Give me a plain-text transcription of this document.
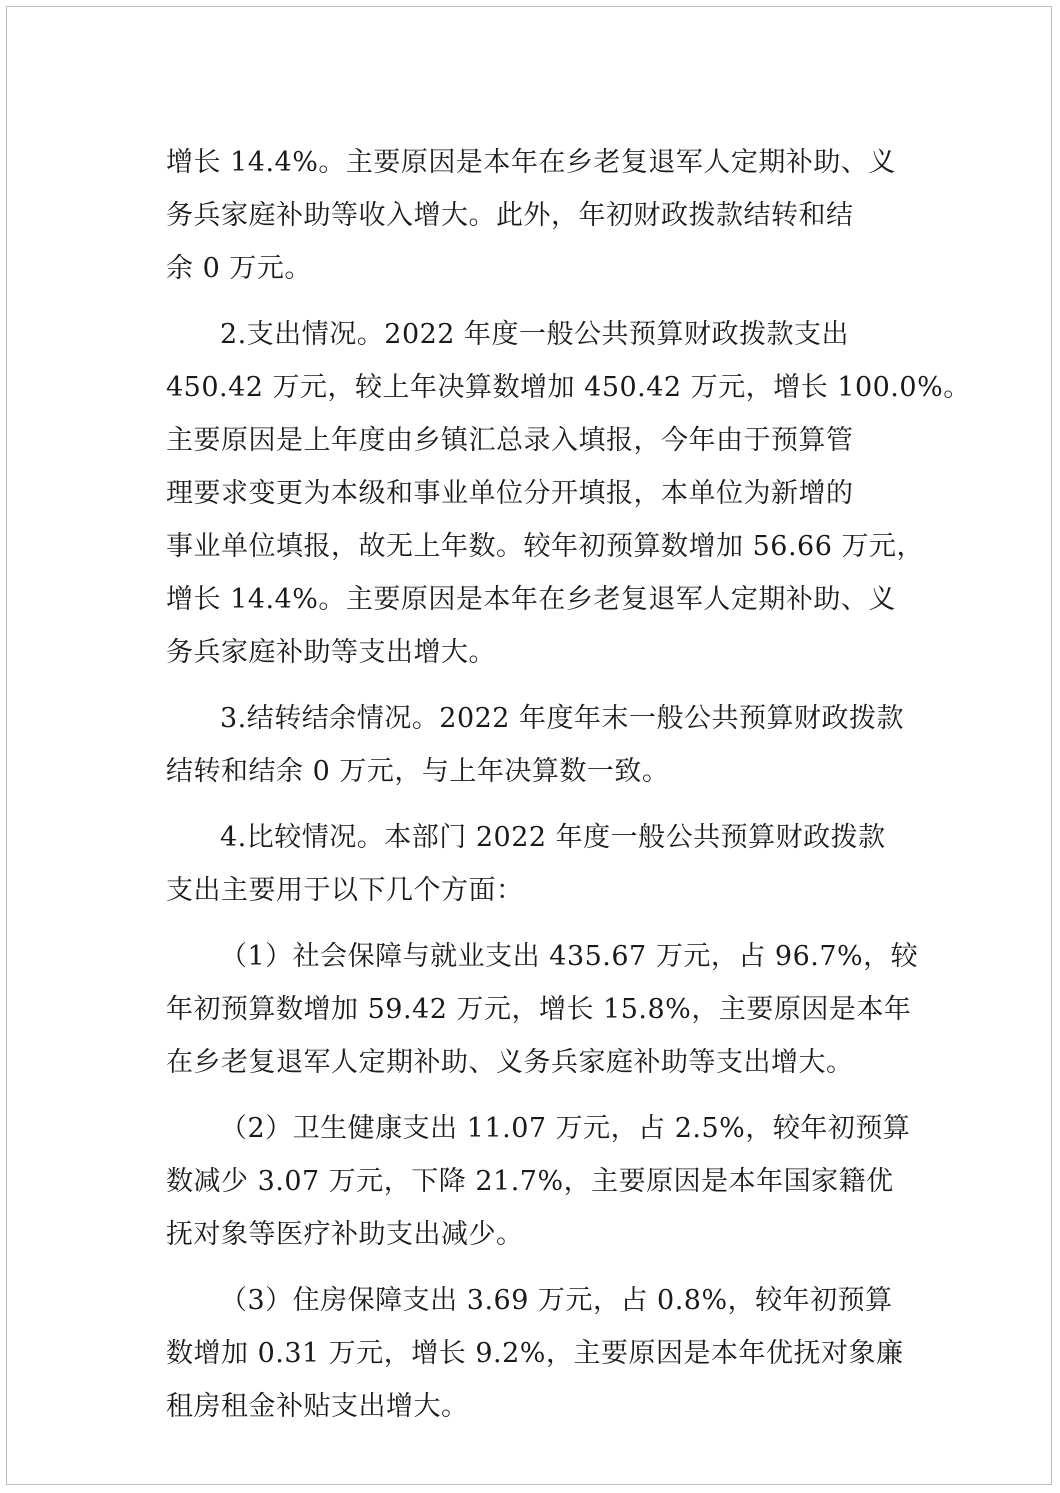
增长 14.4%。主要原因是本年在乡老复退军人定期补助、义
务兵家庭补助等收入增大。此外，年初财政拨款结转和结
余 0 万元。
2.支出情况。2022 年度一般公共预算财政拨款支出
450.42 万元，较上年决算数增加 450.42 万元，增长 100.0%。
主要原因是上年度由乡镇汇总录入填报，今年由于预算管
理要求变更为本级和事业单位分开填报，本单位为新增的
事业单位填报，故无上年数。较年初预算数增加 56.66 万元，
增长 14.4%。主要原因是本年在乡老复退军人定期补助、义
务兵家庭补助等支出增大。
3.结转结余情况。2022 年度年末一般公共预算财政拨款
结转和结余 0 万元，与上年决算数一致。
4.比较情况。本部门 2022 年度一般公共预算财政拨款
支出主要用于以下几个方面：
（1）社会保障与就业支出 435.67 万元，占 96.7%，较
年初预算数增加 59.42 万元，增长 15.8%，主要原因是本年
在乡老复退军人定期补助、义务兵家庭补助等支出增大。
（2）卫生健康支出 11.07 万元，占 2.5%，较年初预算
数减少 3.07 万元，下降 21.7%，主要原因是本年国家籍优
抚对象等医疗补助支出减少。
（3）住房保障支出 3.69 万元，占 0.8%，较年初预算
数增加 0.31 万元，增长 9.2%，主要原因是本年优抚对象廉
租房租金补贴支出增大。
